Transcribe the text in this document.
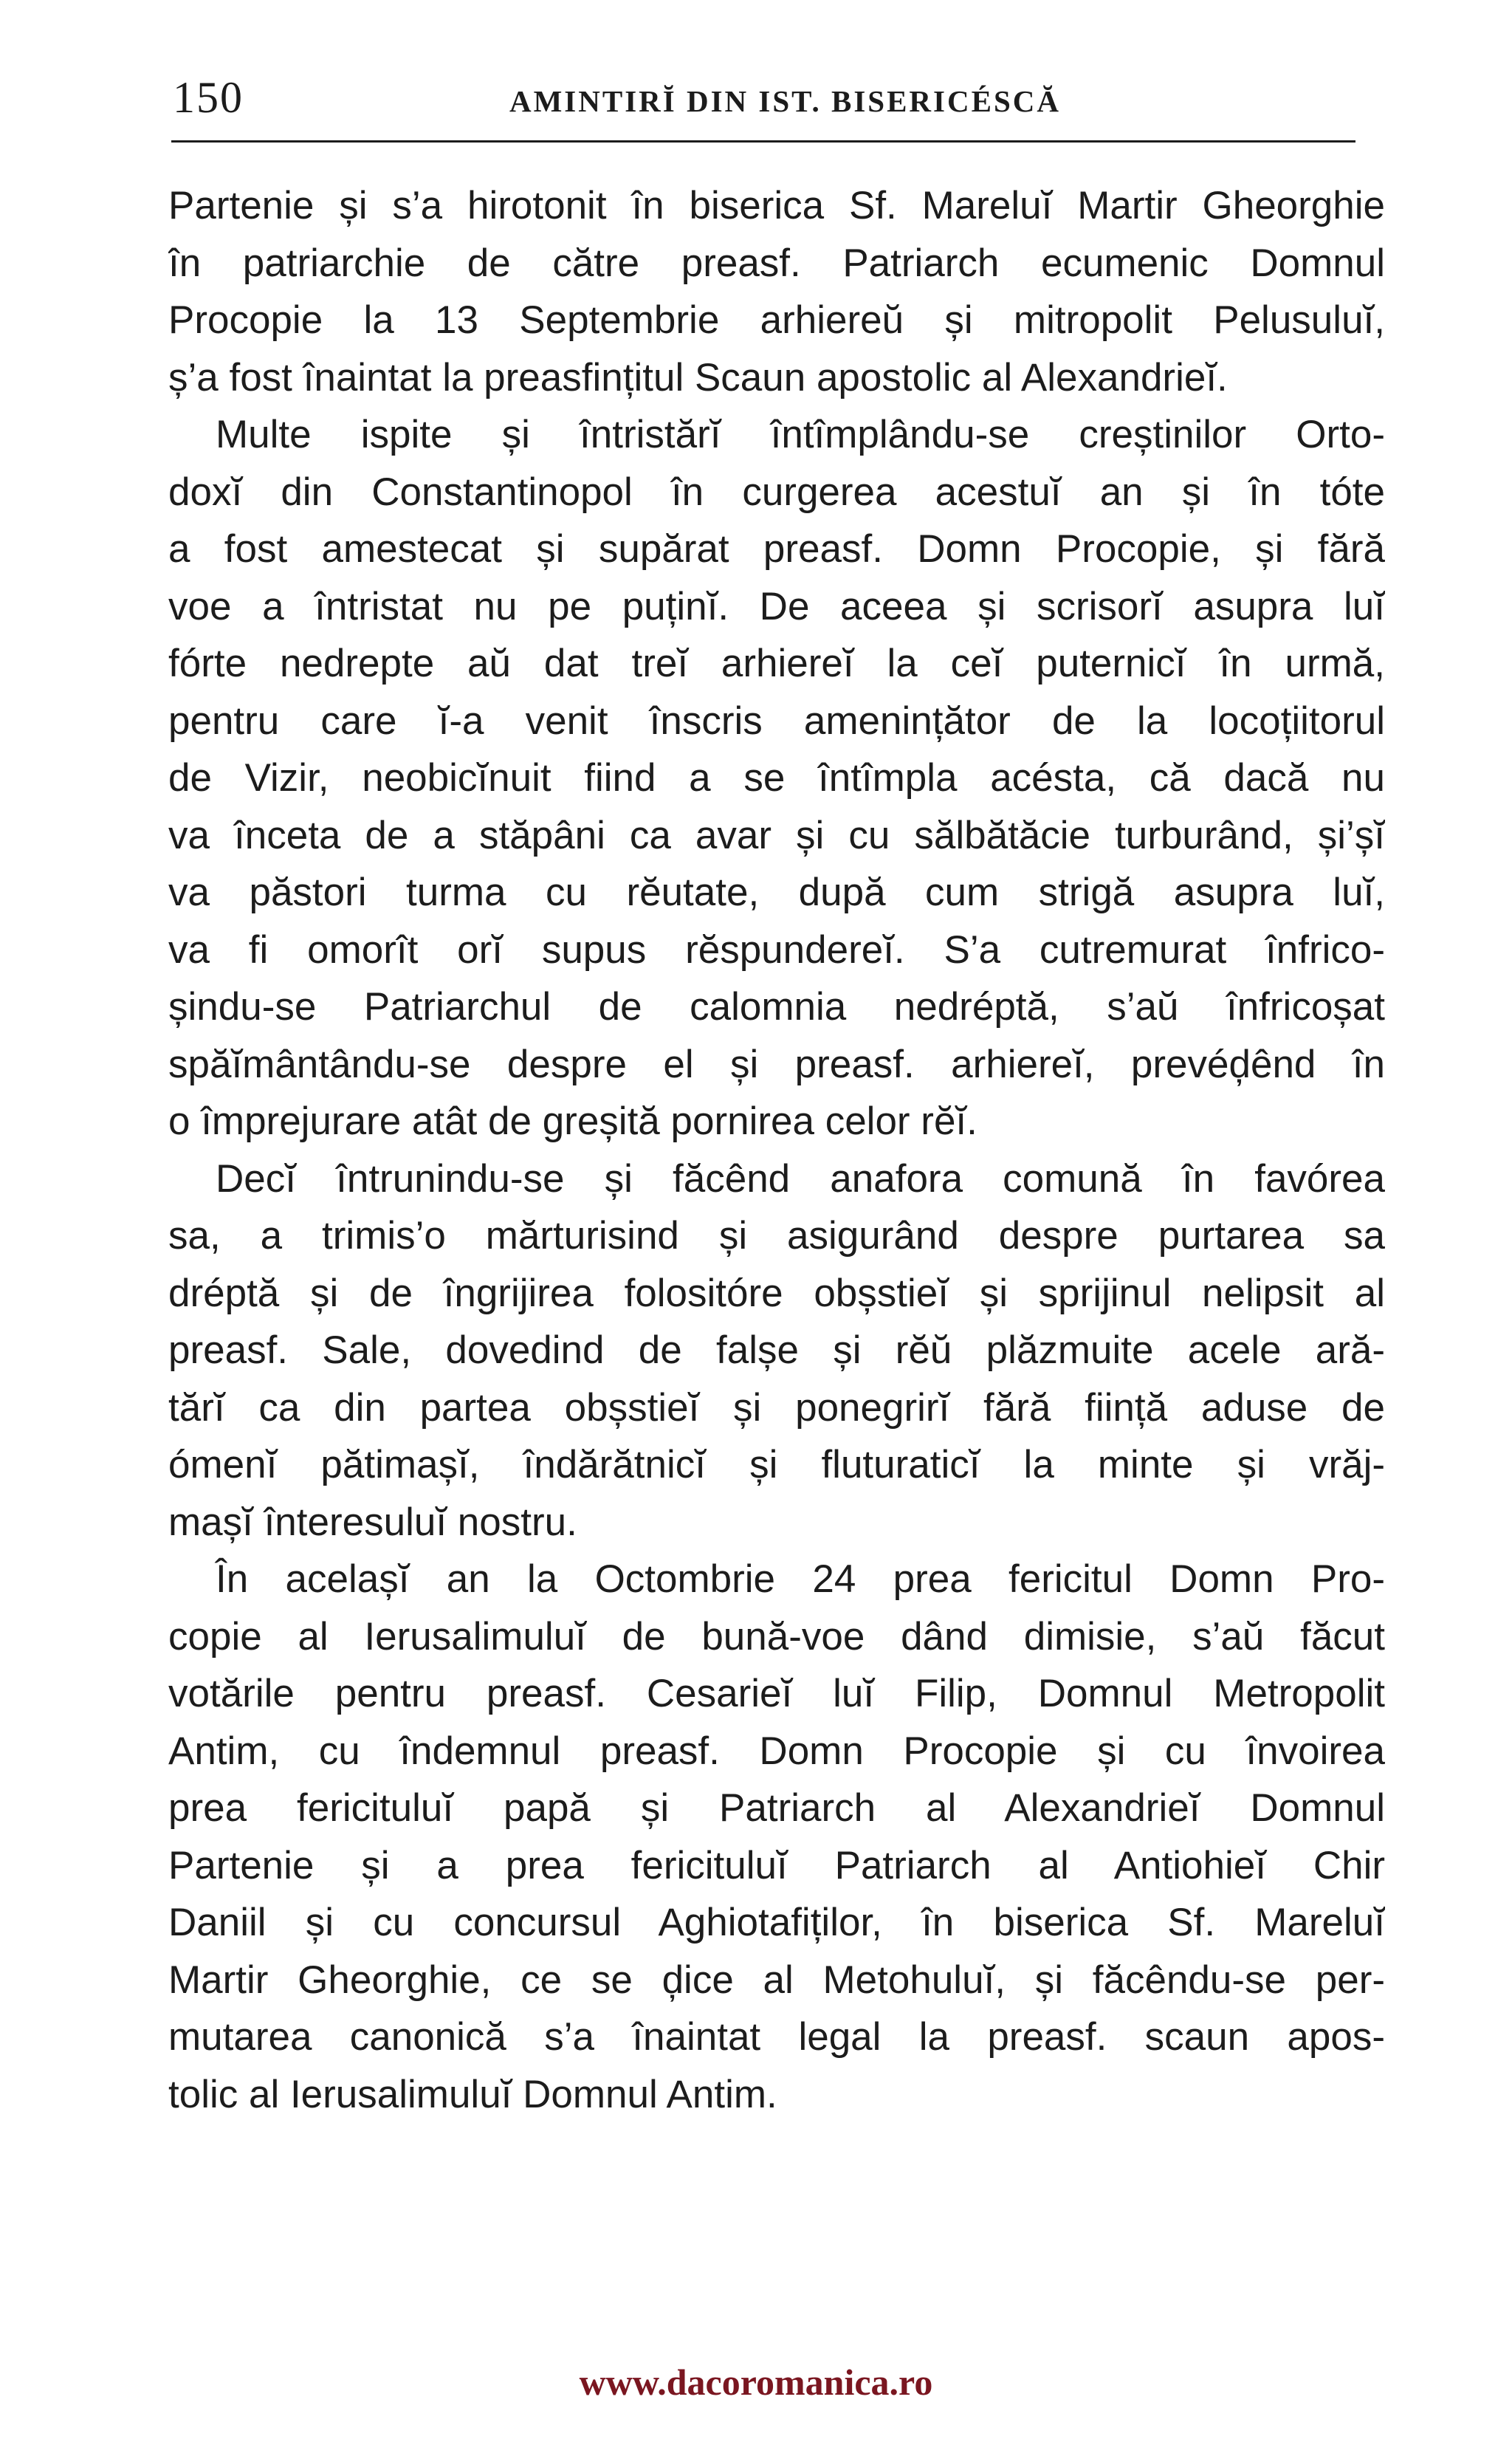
150	AMINTIRĬ DIN IST. BISERICÉSCĂ
Partenie și s’a hirotonit în biserica Sf. Mareluĭ Martir Gheorghie
în patriarchie de către preasf. Patriarch ecumenic Domnul
Procopie la 13 Septembrie arhiereŭ și mitropolit Pelusuluĭ,
ș’a fost înaintat la preasfințitul Scaun apostolic al Alexandrieĭ.
Multe ispite și întristărĭ întîmplându-se creștinilor Orto-
doxĭ din Constantinopol în curgerea acestuĭ an și în tóte
a fost amestecat și supărat preasf. Domn Procopie, și fără
voe a întristat nu pe puținĭ. De aceea și scrisorĭ asupra luĭ
fórte nedrepte aŭ dat treĭ arhiereĭ la ceĭ puternicĭ în urmă,
pentru care ĭ-a venit înscris amenințător de la locoțiitorul
de Vizir, neobicĭnuit fiind a se întîmpla acésta, că dacă nu
va înceta de a stăpâni ca avar și cu sălbătăcie turburând, și’șĭ
va păstori turma cu rĕutate, după cum strigă asupra luĭ,
va fi omorît orĭ supus rĕspundereĭ. S’a cutremurat înfrico-
șindu-se Patriarchul de calomnia nedréptă, s’aŭ înfricoșat
spăĭmântându-se despre el și preasf. arhiereĭ, prevéḑênd în
o împrejurare atât de greșită pornirea celor rĕĭ.
Decĭ întrunindu-se și făcênd anafora comună în favórea
sa, a trimis’o mărturisind și asigurând despre purtarea sa
dréptă și de îngrijirea folositóre obșstieĭ și sprijinul nelipsit al
preasf. Sale, dovedind de falșe și rĕŭ plăzmuite acele ară-
tărĭ ca din partea obșstieĭ și ponegrirĭ fără ființă aduse de
ómenĭ pătimașĭ, îndărătnicĭ și fluturaticĭ la minte și vrăj-
mașĭ înteresuluĭ nostru.
În acelașĭ an la Octombrie 24 prea fericitul Domn Pro-
copie al Ierusalimuluĭ de bună-voe dând dimisie, s’aŭ făcut
votările pentru preasf. Cesarieĭ luĭ Filip, Domnul Metropolit
Antim, cu îndemnul preasf. Domn Procopie și cu învoirea
prea fericituluĭ papă și Patriarch al Alexandrieĭ Domnul
Partenie și a prea fericituluĭ Patriarch al Antiohieĭ Chir
Daniil și cu concursul Aghiotafiților, în biserica Sf. Mareluĭ
Martir Gheorghie, ce se ḑice al Metohuluĭ, și făcêndu-se per-
mutarea canonică s’a înaintat legal la preasf. scaun apos-
tolic al Ierusalimuluĭ Domnul Antim.
www.dacoromanica.ro
